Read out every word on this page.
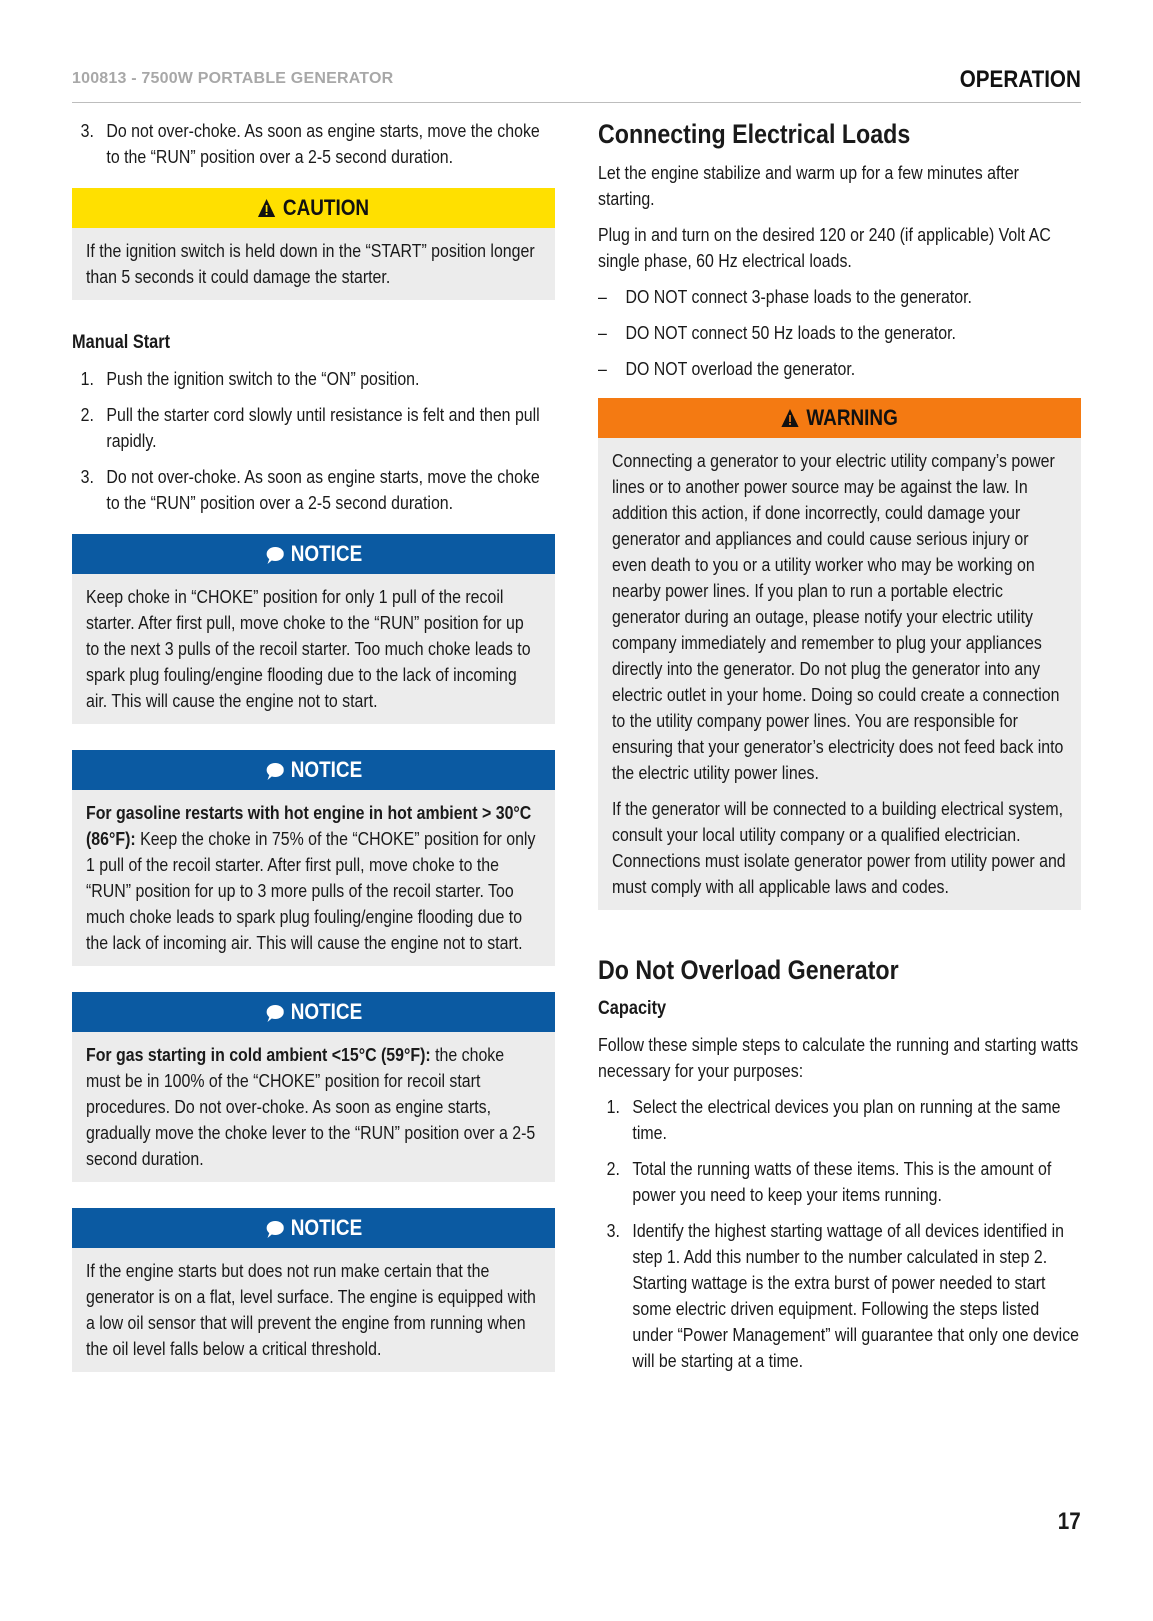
100813 - 7500W PORTABLE GENERATOR	OPERATION
3. Do not over-choke. As soon as engine starts, move the choke to the “RUN” position over a 2-5 second duration.
CAUTION

If the ignition switch is held down in the “START” position longer than 5 seconds it could damage the starter.

Manual Start
1. Push the ignition switch to the “ON” position.
2. Pull the starter cord slowly until resistance is felt and then pull rapidly.
3. Do not over-choke. As soon as engine starts, move the choke to the “RUN” position over a 2-5 second duration.
NOTICE

Keep choke in “CHOKE” position for only 1 pull of the recoil starter. After first pull, move choke to the “RUN” position for up to the next 3 pulls of the recoil starter. Too much choke leads to spark plug fouling/engine flooding due to the lack of incoming air. This will cause the engine not to start.

NOTICE

For gasoline restarts with hot engine in hot ambient > 30°C (86°F): Keep the choke in 75% of the “CHOKE” position for only 1 pull of the recoil starter. After first pull, move choke to the “RUN” position for up to 3 more pulls of the recoil starter. Too much choke leads to spark plug fouling/engine flooding due to the lack of incoming air. This will cause the engine not to start.

NOTICE

For gas starting in cold ambient <15°C (59°F): the choke must be in 100% of the “CHOKE” position for recoil start procedures. Do not over-choke. As soon as engine starts, gradually move the choke lever to the “RUN” position over a 2-5 second duration.

NOTICE

If the engine starts but does not run make certain that the generator is on a flat, level surface. The engine is equipped with a low oil sensor that will prevent the engine from running when the oil level falls below a critical threshold.

Connecting Electrical Loads

Let the engine stabilize and warm up for a few minutes after starting.

Plug in and turn on the desired 120 or 240 (if applicable) Volt AC single phase, 60 Hz electrical loads.

– DO NOT connect 3-phase loads to the generator.
– DO NOT connect 50 Hz loads to the generator.
– DO NOT overload the generator.
WARNING

Connecting a generator to your electric utility company’s power lines or to another power source may be against the law. In addition this action, if done incorrectly, could damage your generator and appliances and could cause serious injury or even death to you or a utility worker who may be working on nearby power lines. If you plan to run a portable electric generator during an outage, please notify your electric utility company immediately and remember to plug your appliances directly into the generator. Do not plug the generator into any electric outlet in your home. Doing so could create a connection to the utility company power lines. You are responsible for ensuring that your generator’s electricity does not feed back into the electric utility power lines.

If the generator will be connected to a building electrical system, consult your local utility company or a qualified electrician. Connections must isolate generator power from utility power and must comply with all applicable laws and codes.

Do Not Overload Generator
Capacity

Follow these simple steps to calculate the running and starting watts necessary for your purposes:

1. Select the electrical devices you plan on running at the same time.
2. Total the running watts of these items. This is the amount of power you need to keep your items running.
3. Identify the highest starting wattage of all devices identified in step 1. Add this number to the number calculated in step 2. Starting wattage is the extra burst of power needed to start some electric driven equipment. Following the steps listed under “Power Management” will guarantee that only one device will be starting at a time.
17
